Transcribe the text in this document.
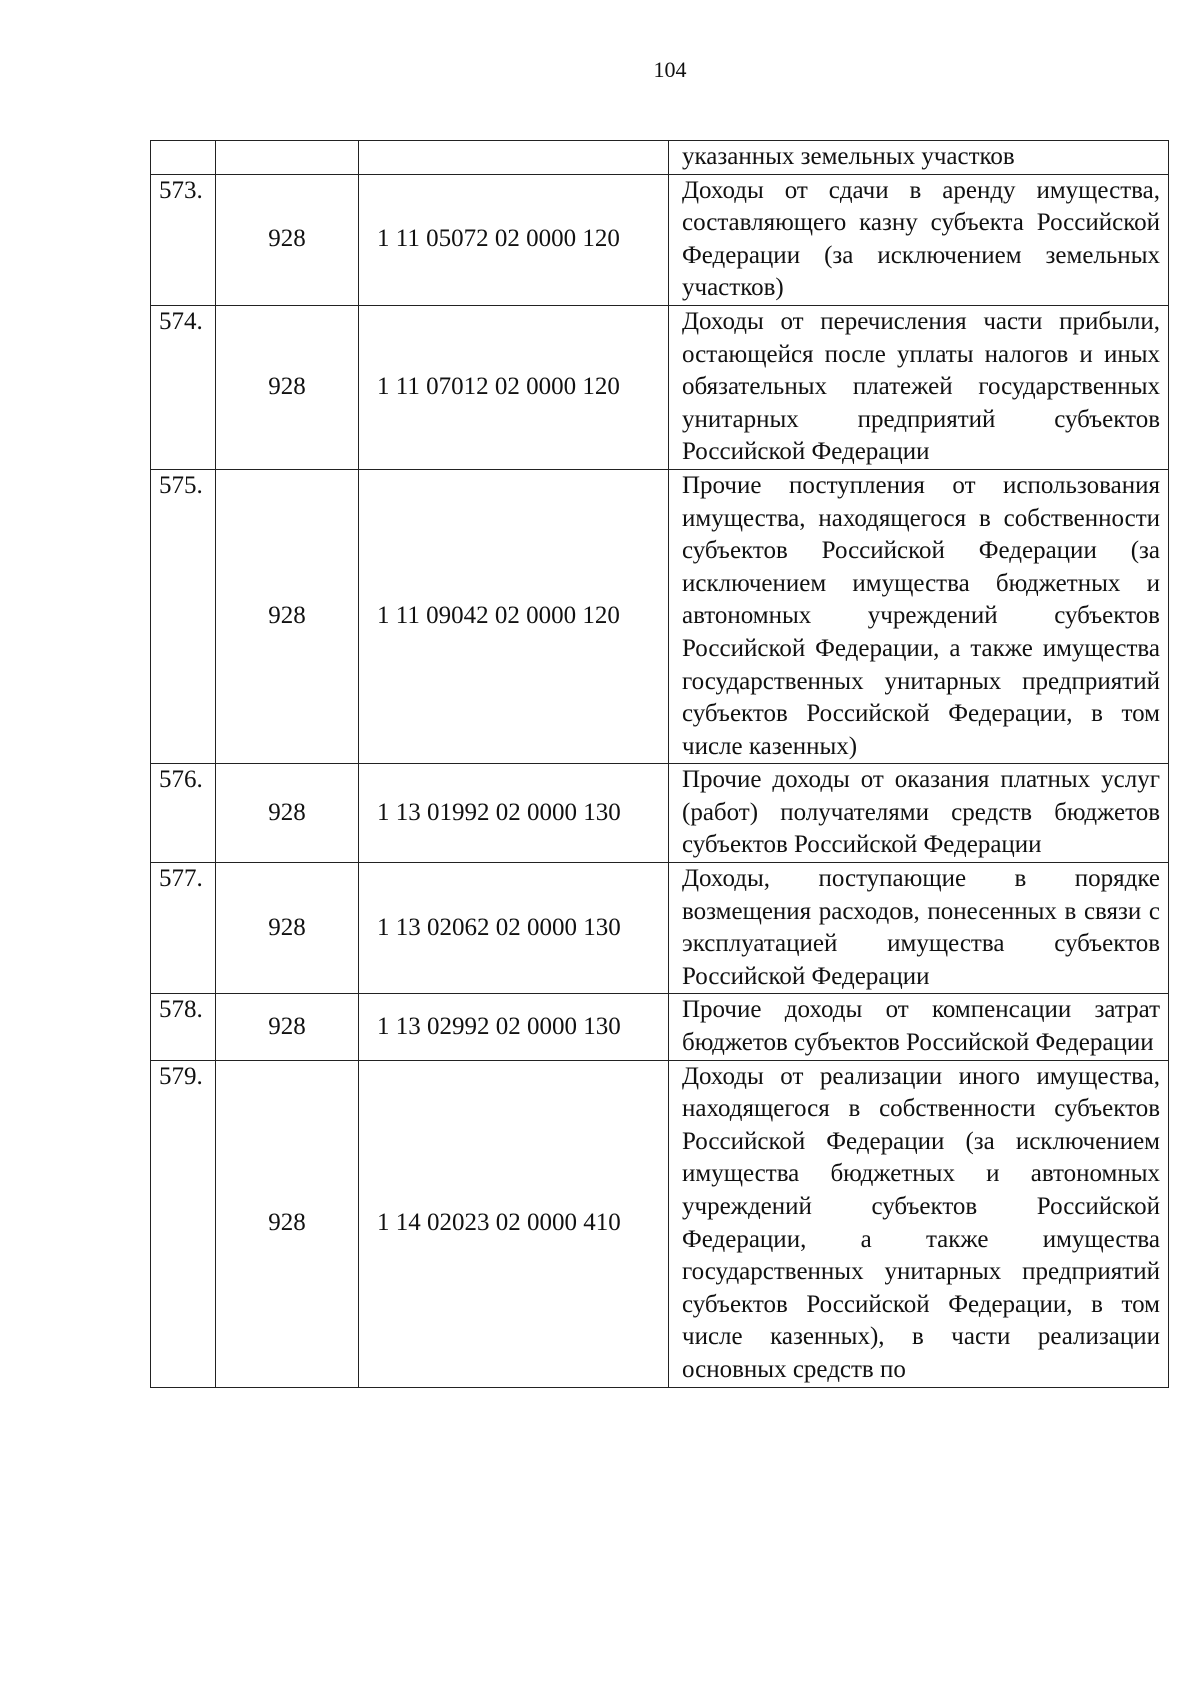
104
			указанных земельных участков
573.	928	1 11 05072 02 0000 120	Доходы от сдачи в аренду имущества, составляющего казну субъекта Российской Федерации (за исключением земельных участков)
574.	928	1 11 07012 02 0000 120	Доходы от перечисления части прибыли, остающейся после уплаты налогов и иных обязательных платежей государственных унитарных предприятий субъектов Российской Федерации
575.	928	1 11 09042 02 0000 120	Прочие поступления от использования имущества, находящегося в собственности субъектов Российской Федерации (за исключением имущества бюджетных и автономных учреждений субъектов Российской Федерации, а также имущества государственных унитарных предприятий субъектов Российской Федерации, в том числе казенных)
576.	928	1 13 01992 02 0000 130	Прочие доходы от оказания платных услуг (работ) получателями средств бюджетов субъектов Российской Федерации
577.	928	1 13 02062 02 0000 130	Доходы, поступающие в порядке возмещения расходов, понесенных в связи с эксплуатацией имущества субъектов Российской Федерации
578.	928	1 13 02992 02 0000 130	Прочие доходы от компенсации затрат бюджетов субъектов Российской Федерации
579.	928	1 14 02023 02 0000 410	Доходы от реализации иного имущества, находящегося в собственности субъектов Российской Федерации (за исключением имущества бюджетных и автономных учреждений субъектов Российской Федерации, а также имущества государственных унитарных предприятий субъектов Российской Федерации, в том числе казенных), в части реализации основных средств по
